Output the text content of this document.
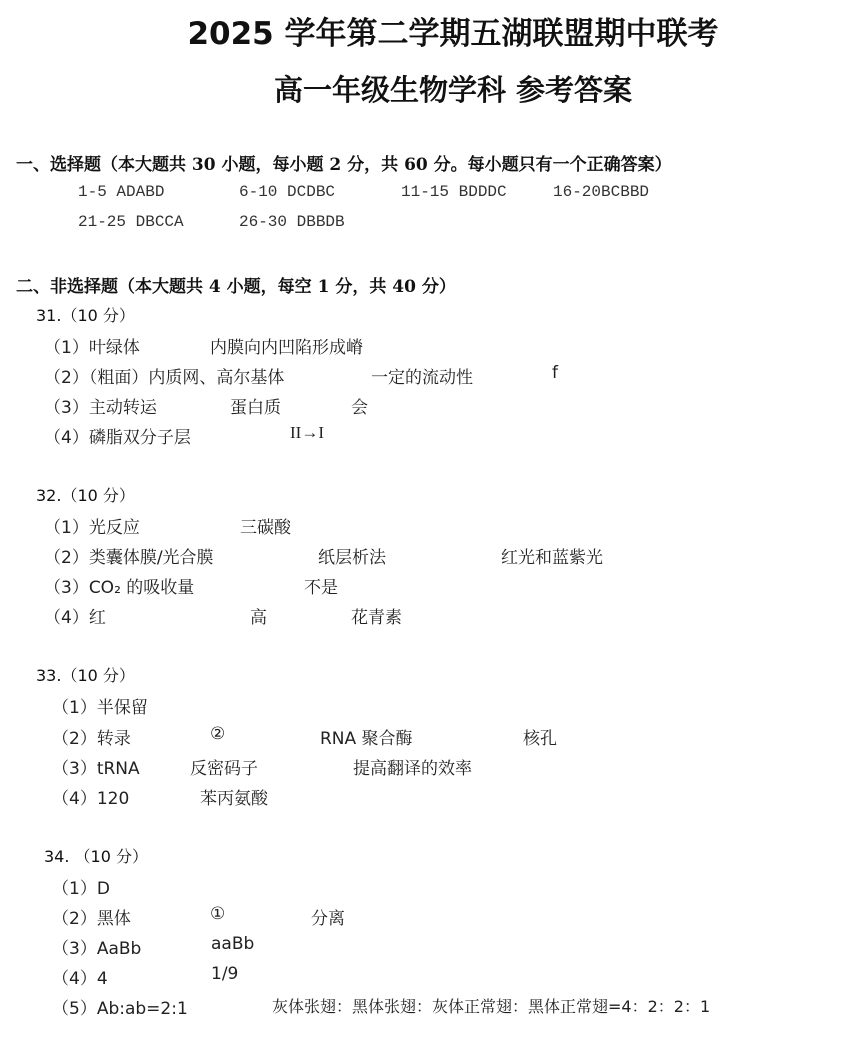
2025 学年第二学期五湖联盟期中联考
高一年级生物学科 参考答案
一、选择题（本大题共 30 小题，每小题 2 分，共 60 分。每小题只有一个正确答案）
1-5 ADABD	6-10 DCDBC	11-15 BDDDC	16-20BCBBD
21-25 DBCCA	26-30 DBBDB
二、非选择题（本大题共 4 小题，每空 1 分，共 40 分）
31.（10 分）
（1）叶绿体	内膜向内凹陷形成嵴
（2）（粗面）内质网、高尔基体	一定的流动性	f
（3）主动转运	蛋白质	会
（4）磷脂双分子层	II→I
32.（10 分）
（1）光反应	三碳酸
（2）类囊体膜/光合膜	纸层析法	红光和蓝紫光
（3）CO₂ 的吸收量	不是
（4）红	高	花青素
33.（10 分）
（1）半保留
（2）转录	②	RNA 聚合酶	核孔
（3）tRNA	反密码子	提高翻译的效率
（4）120	苯丙氨酸
34. （10 分）
（1）D
（2）黑体	①	分离
（3）AaBb	aaBb
（4）4	1/9
（5）Ab:ab=2:1	灰体张翅：黑体张翅：灰体正常翅：黑体正常翅=4：2：2：1
